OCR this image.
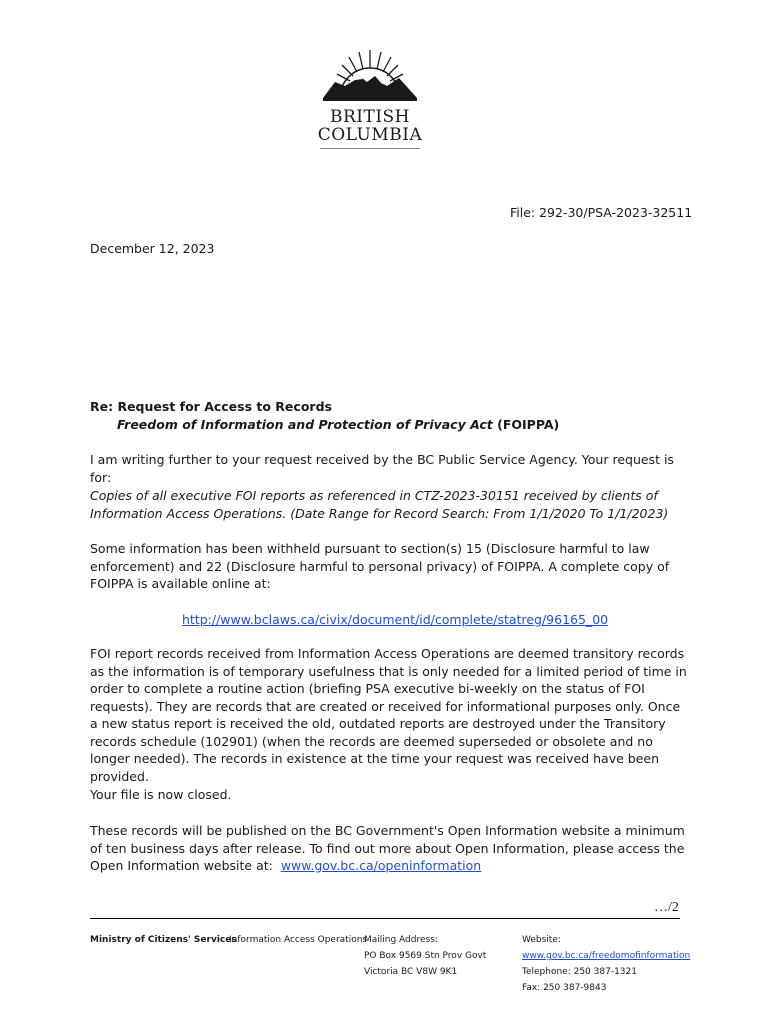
BRITISH
COLUMBIA
File: 292-30/PSA-2023-32511
December 12, 2023
Re: Request for Access to Records
Freedom of Information and Protection of Privacy Act (FOIPPA)
I am writing further to your request received by the BC Public Service Agency. Your request is for:
Copies of all executive FOI reports as referenced in CTZ-2023-30151 received by clients of Information Access Operations. (Date Range for Record Search: From 1/1/2020 To 1/1/2023)
Some information has been withheld pursuant to section(s) 15 (Disclosure harmful to law enforcement) and 22 (Disclosure harmful to personal privacy) of FOIPPA. A complete copy of FOIPPA is available online at:
http://www.bclaws.ca/civix/document/id/complete/statreg/96165_00
FOI report records received from Information Access Operations are deemed transitory records as the information is of temporary usefulness that is only needed for a limited period of time in order to complete a routine action (briefing PSA executive bi-weekly on the status of FOI requests). They are records that are created or received for informational purposes only. Once a new status report is received the old, outdated reports are destroyed under the Transitory records schedule (102901) (when the records are deemed superseded or obsolete and no longer needed). The records in existence at the time your request was received have been provided.
Your file is now closed.
These records will be published on the BC Government's Open Information website a minimum of ten business days after release. To find out more about Open Information, please access the Open Information website at: www.gov.bc.ca/openinformation
…/2
Ministry of Citizens' Services
Information Access Operations
Mailing Address:
PO Box 9569 Stn Prov Govt
Victoria BC V8W 9K1
Website:
www.gov.bc.ca/freedomofinformation
Telephone: 250 387-1321
Fax: 250 387-9843
